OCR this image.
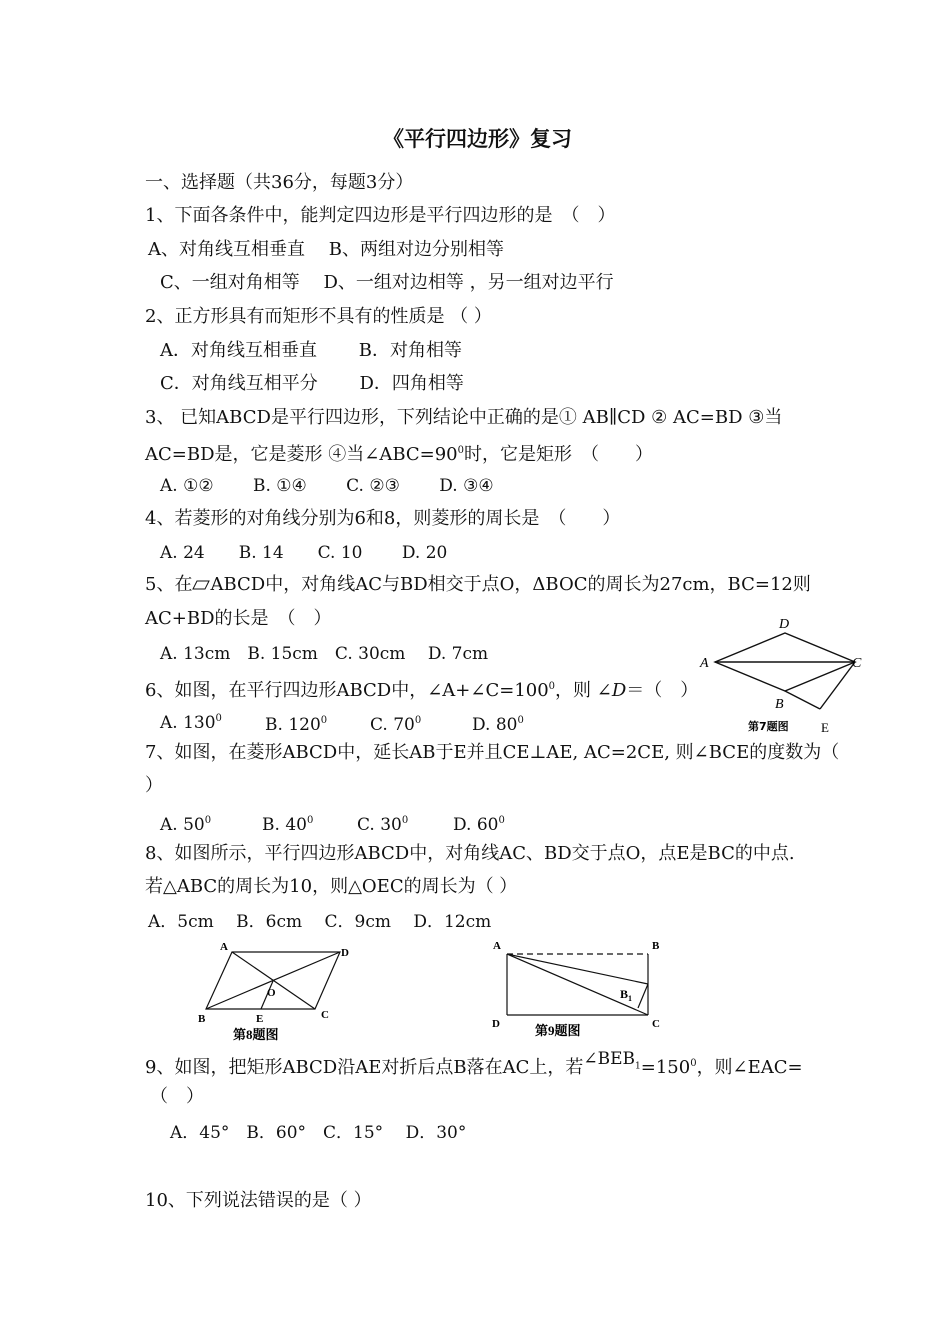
《平行四边形》复习
一、选择题（共36分，每题3分）
1、下面各条件中，能判定四边形是平行四边形的是　（　）
A、对角线互相垂直　 B、两组对边分别相等
C、一组对角相等　 D、一组对边相等 ，另一组对边平行
2、正方形具有而矩形不具有的性质是 （ ）
A．对角线互相垂直　　 B．对角相等
C．对角线互相平分　　 D．四角相等
3、 已知ABCD是平行四边形，下列结论中正确的是① AB∥CD ② AC=BD ③当
AC=BD是，它是菱形 ④当$\angle ABC=90^0$时，它是矩形　（　　）
A. ①②　 　B. ①④　 　C. ②③　 　D. ③④
4、若菱形的对角线分别为6和8，则菱形的周长是　（　　）
A. 24　　B. 14　　C. 10　　 D. 20
5、在 ABCD中，对角线AC与BD相交于点O，ΔBOC的周长为27cm，BC=12则
AC+BD的长是　（　）
A. 13cm　B. 15cm　C. 30cm　 D. 7cm
6、如图，在平行四边形ABCD中，$\angle A+\angle C=100^0$，则 ∠D＝（　）
A. $130^0$	B. $120^0$	C. $70^0$	D. $80^0$
7、如图，在菱形ABCD中，延长AB于E并且CE⊥AE, AC=2CE, 则∠BCE的度数为（
）
A. $50^0$	B. $40^0$	C. $30^0$	D. $60^0$
8、如图所示，平行四边形ABCD中，对角线AC、BD交于点O，点E是BC的中点.
若△ABC的周长为10，则△OEC的周长为（ ）
A．5cm　 B．6cm　 C．9cm　 D．12cm
9、如图，把矩形ABCD沿AE对折后点B落在AC上，若$\angle BEB_1=150^0$，则∠EAC=
（　）
A．45°　B．60°　C．15°　 D．30°
10、下列说法错误的是（ ）
A
D
C
B
E
第7题图
A	D
B	C
O
E
第8题图
A	B
D	C
$B_1$
第9题图
